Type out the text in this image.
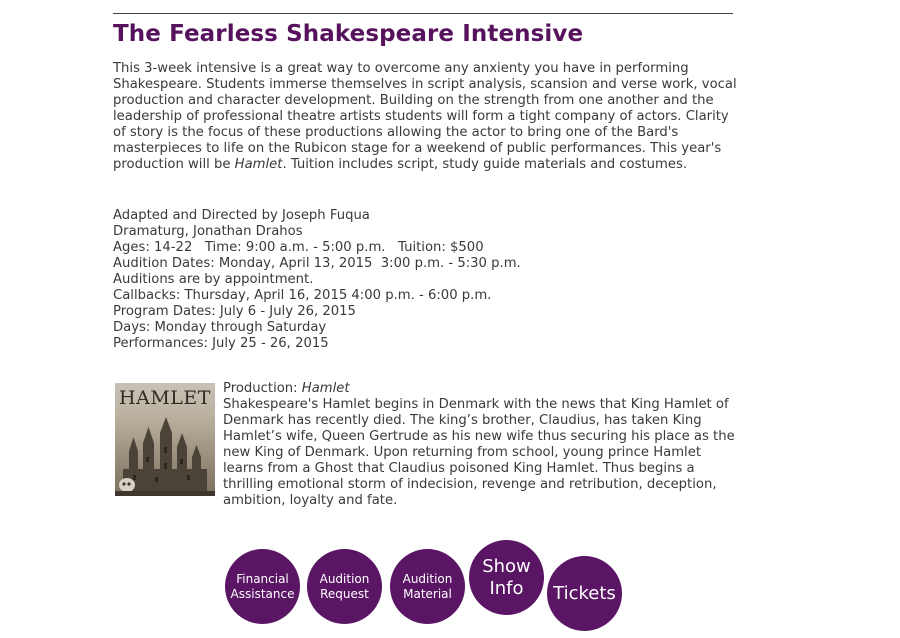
The Fearless Shakespeare Intensive

This 3-week intensive is a great way to overcome any anxienty you have in performing Shakespeare. Students immerse themselves in script analysis, scansion and verse work, vocal production and character development. Building on the strength from one another and the leadership of professional theatre artists students will form a tight company of actors. Clarity of story is the focus of these productions allowing the actor to bring one of the Bard's masterpieces to life on the Rubicon stage for a weekend of public performances. This year's production will be Hamlet. Tuition includes script, study guide materials and costumes.

Adapted and Directed by Joseph Fuqua
Dramaturg, Jonathan Drahos
Ages: 14-22   Time: 9:00 a.m. - 5:00 p.m.   Tuition: $500
Audition Dates: Monday, April 13, 2015  3:00 p.m. - 5:30 p.m.
Auditions are by appointment.
Callbacks: Thursday, April 16, 2015 4:00 p.m. - 6:00 p.m.
Program Dates: July 6 - July 26, 2015
Days: Monday through Saturday
Performances: July 25 - 26, 2015
HAMLET Production: Hamlet

Shakespeare's Hamlet begins in Denmark with the news that King Hamlet of Denmark has recently died. The king’s brother, Claudius, has taken King Hamlet’s wife, Queen Gertrude as his new wife thus securing his place as the new King of Denmark. Upon returning from school, young prince Hamlet learns from a Ghost that Claudius poisoned King Hamlet. Thus begins a thrilling emotional storm of indecision, revenge and retribution, deception, ambition, loyalty and fate.

Financial
Assistance
Audition
Request
Audition
Material
Show
Info	Tickets
